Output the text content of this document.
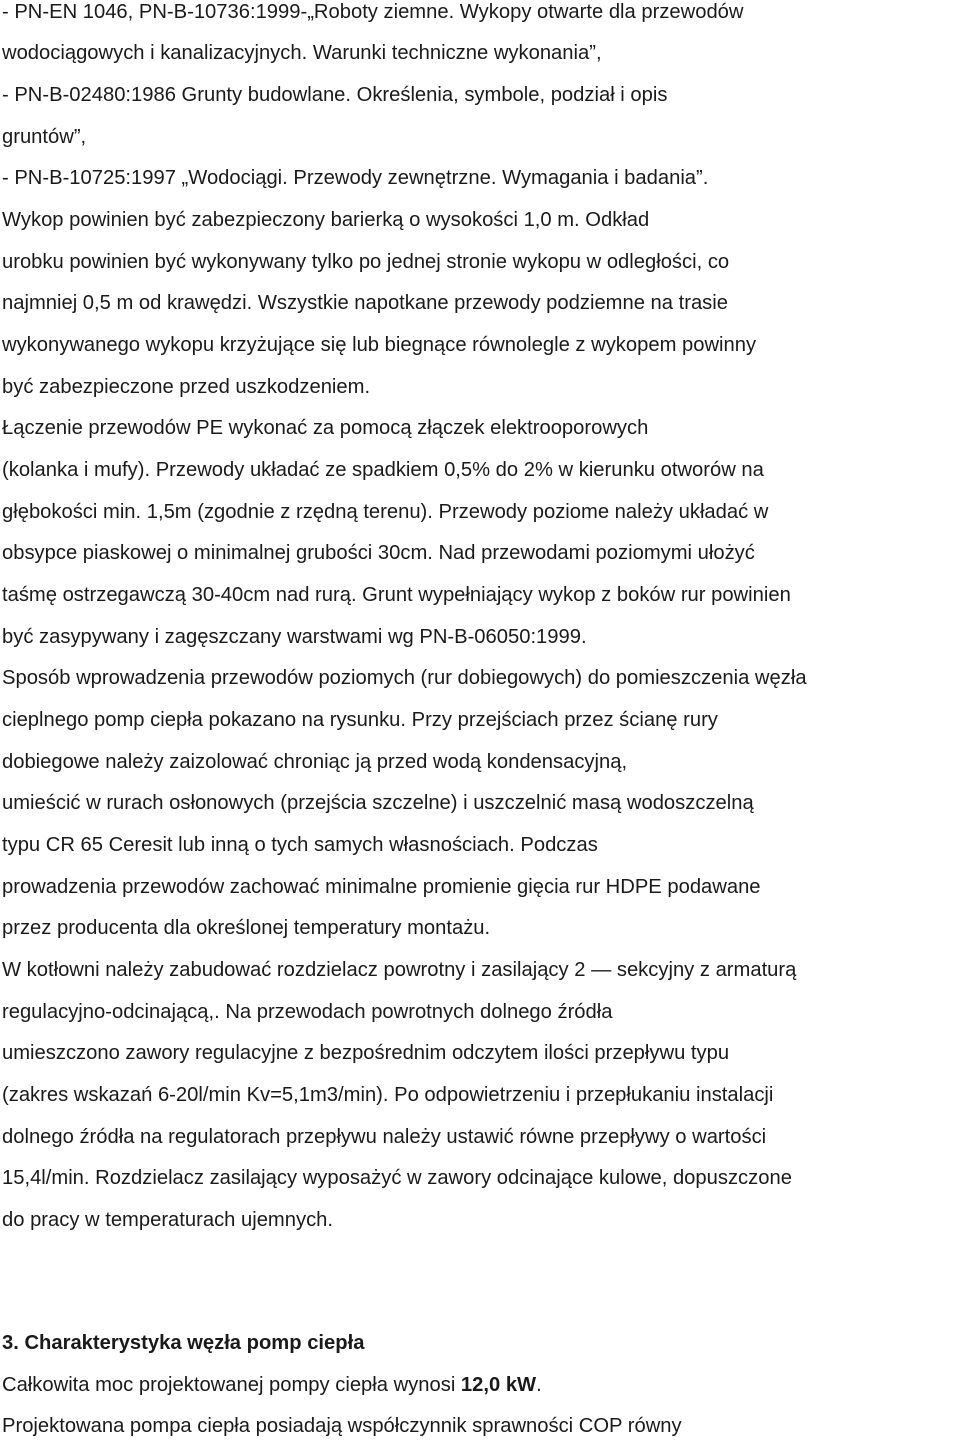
- PN-EN 1046, PN-B-10736:1999-„Roboty ziemne. Wykopy otwarte dla przewodów
wodociągowych i kanalizacyjnych. Warunki techniczne wykonania”,
- PN-B-02480:1986 Grunty budowlane. Określenia, symbole, podział i opis
gruntów”,
- PN-B-10725:1997 „Wodociągi. Przewody zewnętrzne. Wymagania i badania”.
Wykop powinien być zabezpieczony barierką o wysokości 1,0 m. Odkład
urobku powinien być wykonywany tylko po jednej stronie wykopu w odległości, co
najmniej 0,5 m od krawędzi. Wszystkie napotkane przewody podziemne na trasie
wykonywanego wykopu krzyżujące się lub biegnące równolegle z wykopem powinny
być zabezpieczone przed uszkodzeniem.
Łączenie przewodów PE wykonać za pomocą złączek elektrooporowych
(kolanka i mufy). Przewody układać ze spadkiem 0,5% do 2% w kierunku otworów na
głębokości min. 1,5m (zgodnie z rzędną terenu). Przewody poziome należy układać w
obsypce piaskowej o minimalnej grubości 30cm. Nad przewodami poziomymi ułożyć
taśmę ostrzegawczą 30-40cm nad rurą. Grunt wypełniający wykop z boków rur powinien
być zasypywany i zagęszczany warstwami wg PN-B-06050:1999.
Sposób wprowadzenia przewodów poziomych (rur dobiegowych) do pomieszczenia węzła
cieplnego pomp ciepła pokazano na rysunku. Przy przejściach przez ścianę rury
dobiegowe należy zaizolować chroniąc ją przed wodą kondensacyjną,
umieścić w rurach osłonowych (przejścia szczelne) i uszczelnić masą wodoszczelną
typu CR 65 Ceresit lub inną o tych samych własnościach. Podczas
prowadzenia przewodów zachować minimalne promienie gięcia rur HDPE podawane
przez producenta dla określonej temperatury montażu.
W kotłowni należy zabudować rozdzielacz powrotny i zasilający 2 — sekcyjny z armaturą
regulacyjno-odcinającą,. Na przewodach powrotnych dolnego źródła
umieszczono zawory regulacyjne z bezpośrednim odczytem ilości przepływu typu
(zakres wskazań 6-20l/min Kv=5,1m3/min). Po odpowietrzeniu i przepłukaniu instalacji
dolnego źródła na regulatorach przepływu należy ustawić równe przepływy o wartości
15,4l/min. Rozdzielacz zasilający wyposażyć w zawory odcinające kulowe, dopuszczone
do pracy w temperaturach ujemnych.
3. Charakterystyka węzła pomp ciepła
Całkowita moc projektowanej pompy ciepła wynosi 12,0 kW.
Projektowana pompa ciepła posiadają współczynnik sprawności COP równy
